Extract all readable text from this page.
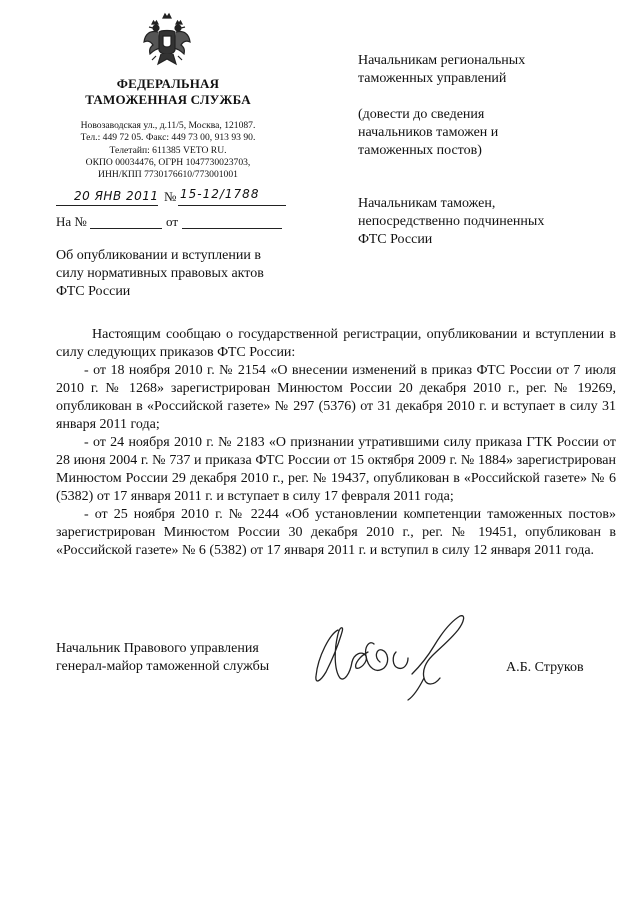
ФЕДЕРАЛЬНАЯ
ТАМОЖЕННАЯ СЛУЖБА
Новозаводская ул., д.11/5, Москва, 121087.
Тел.: 449 72 05. Факс: 449 73 00, 913 93 90.
Телетайп: 611385 VETO RU.
ОКПО 00034476, ОГРН 1047730023703,
ИНН/КПП 7730176610/773001001
20 ЯНВ 2011 № 15-12/1788
На №	от
Об опубликовании и вступлении в
силу нормативных правовых актов
ФТС России
Начальникам региональных
таможенных управлений
(довести до сведения
начальников таможен и
таможенных постов)
Начальникам таможен,
непосредственно подчиненных
ФТС России

Настоящим сообщаю о государственной регистрации, опубликовании и вступлении в силу следующих приказов ФТС России:

- от 18 ноября 2010 г. № 2154 «О внесении изменений в приказ ФТС России от 7 июля 2010 г. № 1268» зарегистрирован Минюстом России 20 декабря 2010 г., рег. № 19269, опубликован в «Российской газете» № 297 (5376) от 31 декабря 2010 г. и вступает в силу 31 января 2011 года;

- от 24 ноября 2010 г. № 2183 «О признании утратившими силу приказа ГТК России от 28 июня 2004 г. № 737 и приказа ФТС России от 15 октября 2009 г. № 1884» зарегистрирован Минюстом России 29 декабря 2010 г., рег. № 19437, опубликован в «Российской газете» № 6 (5382) от 17 января 2011 г. и вступает в силу 17 февраля 2011 года;

- от 25 ноября 2010 г. № 2244 «Об установлении компетенции таможенных постов» зарегистрирован Минюстом России 30 декабря 2010 г., рег. № 19451, опубликован в «Российской газете» № 6 (5382) от 17 января 2011 г. и вступил в силу 12 января 2011 года.

Начальник Правового управления
генерал-майор таможенной службы	А.Б. Струков
